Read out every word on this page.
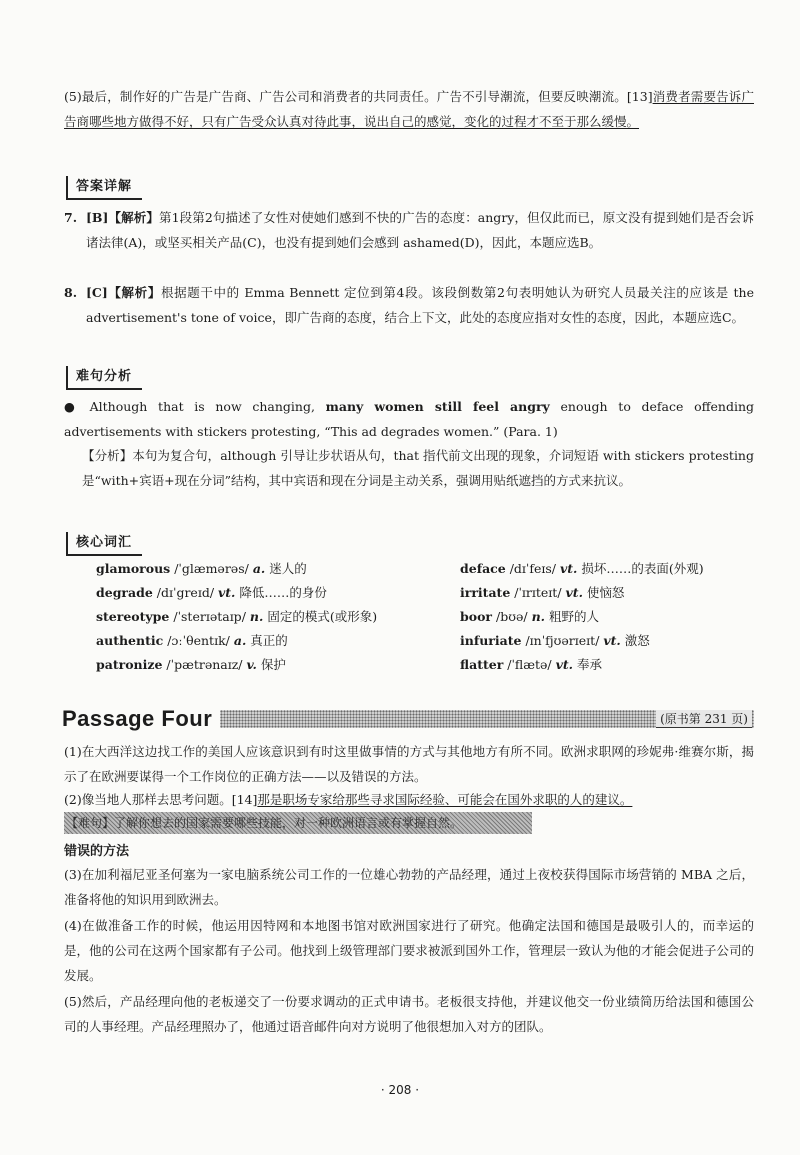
(5)最后，制作好的广告是广告商、广告公司和消费者的共同责任。广告不引导潮流，但要反映潮流。[13]消费者需要告诉广告商哪些地方做得不好，只有广告受众认真对待此事，说出自己的感觉，变化的过程才不至于那么缓慢。
答案详解
7. [B]【解析】第1段第2句描述了女性对使她们感到不快的广告的态度：angry，但仅此而已，原文没有提到她们是否会诉诸法律(A)，或坚买相关产品(C)，也没有提到她们会感到 ashamed(D)，因此，本题应选B。
8. [C]【解析】根据题干中的 Emma Bennett 定位到第4段。该段倒数第2句表明她认为研究人员最关注的应该是 the advertisement's tone of voice，即广告商的态度，结合上下文，此处的态度应指对女性的态度，因此，本题应选C。
难句分析
● Although that is now changing, many women still feel angry enough to deface offending advertisements with stickers protesting, “This ad degrades women.” (Para. 1)
【分析】本句为复合句，although 引导让步状语从句，that 指代前文出现的现象，介词短语 with stickers protesting 是“with+宾语+现在分词”结构，其中宾语和现在分词是主动关系，强调用贴纸遮挡的方式来抗议。
核心词汇
glamorous /ˈglæmərəs/ a. 迷人的
degrade /dɪˈgreɪd/ vt. 降低……的身份
stereotype /ˈsterɪətaɪp/ n. 固定的模式(或形象)
authentic /ɔːˈθentɪk/ a. 真正的
patronize /ˈpætrənaɪz/ v. 保护
deface /dɪˈfeɪs/ vt. 损坏……的表面(外观)
irritate /ˈɪrɪteɪt/ vt. 使恼怒
boor /bʊə/ n. 粗野的人
infuriate /ɪnˈfjʊərɪeɪt/ vt. 激怒
flatter /ˈflætə/ vt. 奉承
Passage Four	(原书第 231 页)
(1)在大西洋这边找工作的美国人应该意识到有时这里做事情的方式与其他地方有所不同。欧洲求职网的珍妮弗·维赛尔斯，揭示了在欧洲要谋得一个工作岗位的正确方法——以及错误的方法。
(2)像当地人那样去思考问题。[14]那是职场专家给那些寻求国际经验、可能会在国外求职的人的建议。
【难句】了解你想去的国家需要哪些技能，对一种欧洲语言或有掌握自然。
错误的方法
(3)在加利福尼亚圣何塞为一家电脑系统公司工作的一位雄心勃勃的产品经理，通过上夜校获得国际市场营销的 MBA 之后，准备将他的知识用到欧洲去。
(4)在做准备工作的时候，他运用因特网和本地图书馆对欧洲国家进行了研究。他确定法国和德国是最吸引人的，而幸运的是，他的公司在这两个国家都有子公司。他找到上级管理部门要求被派到国外工作，管理层一致认为他的才能会促进子公司的发展。
(5)然后，产品经理向他的老板递交了一份要求调动的正式申请书。老板很支持他，并建议他交一份业绩简历给法国和德国公司的人事经理。产品经理照办了，他通过语音邮件向对方说明了他很想加入对方的团队。
· 208 ·
